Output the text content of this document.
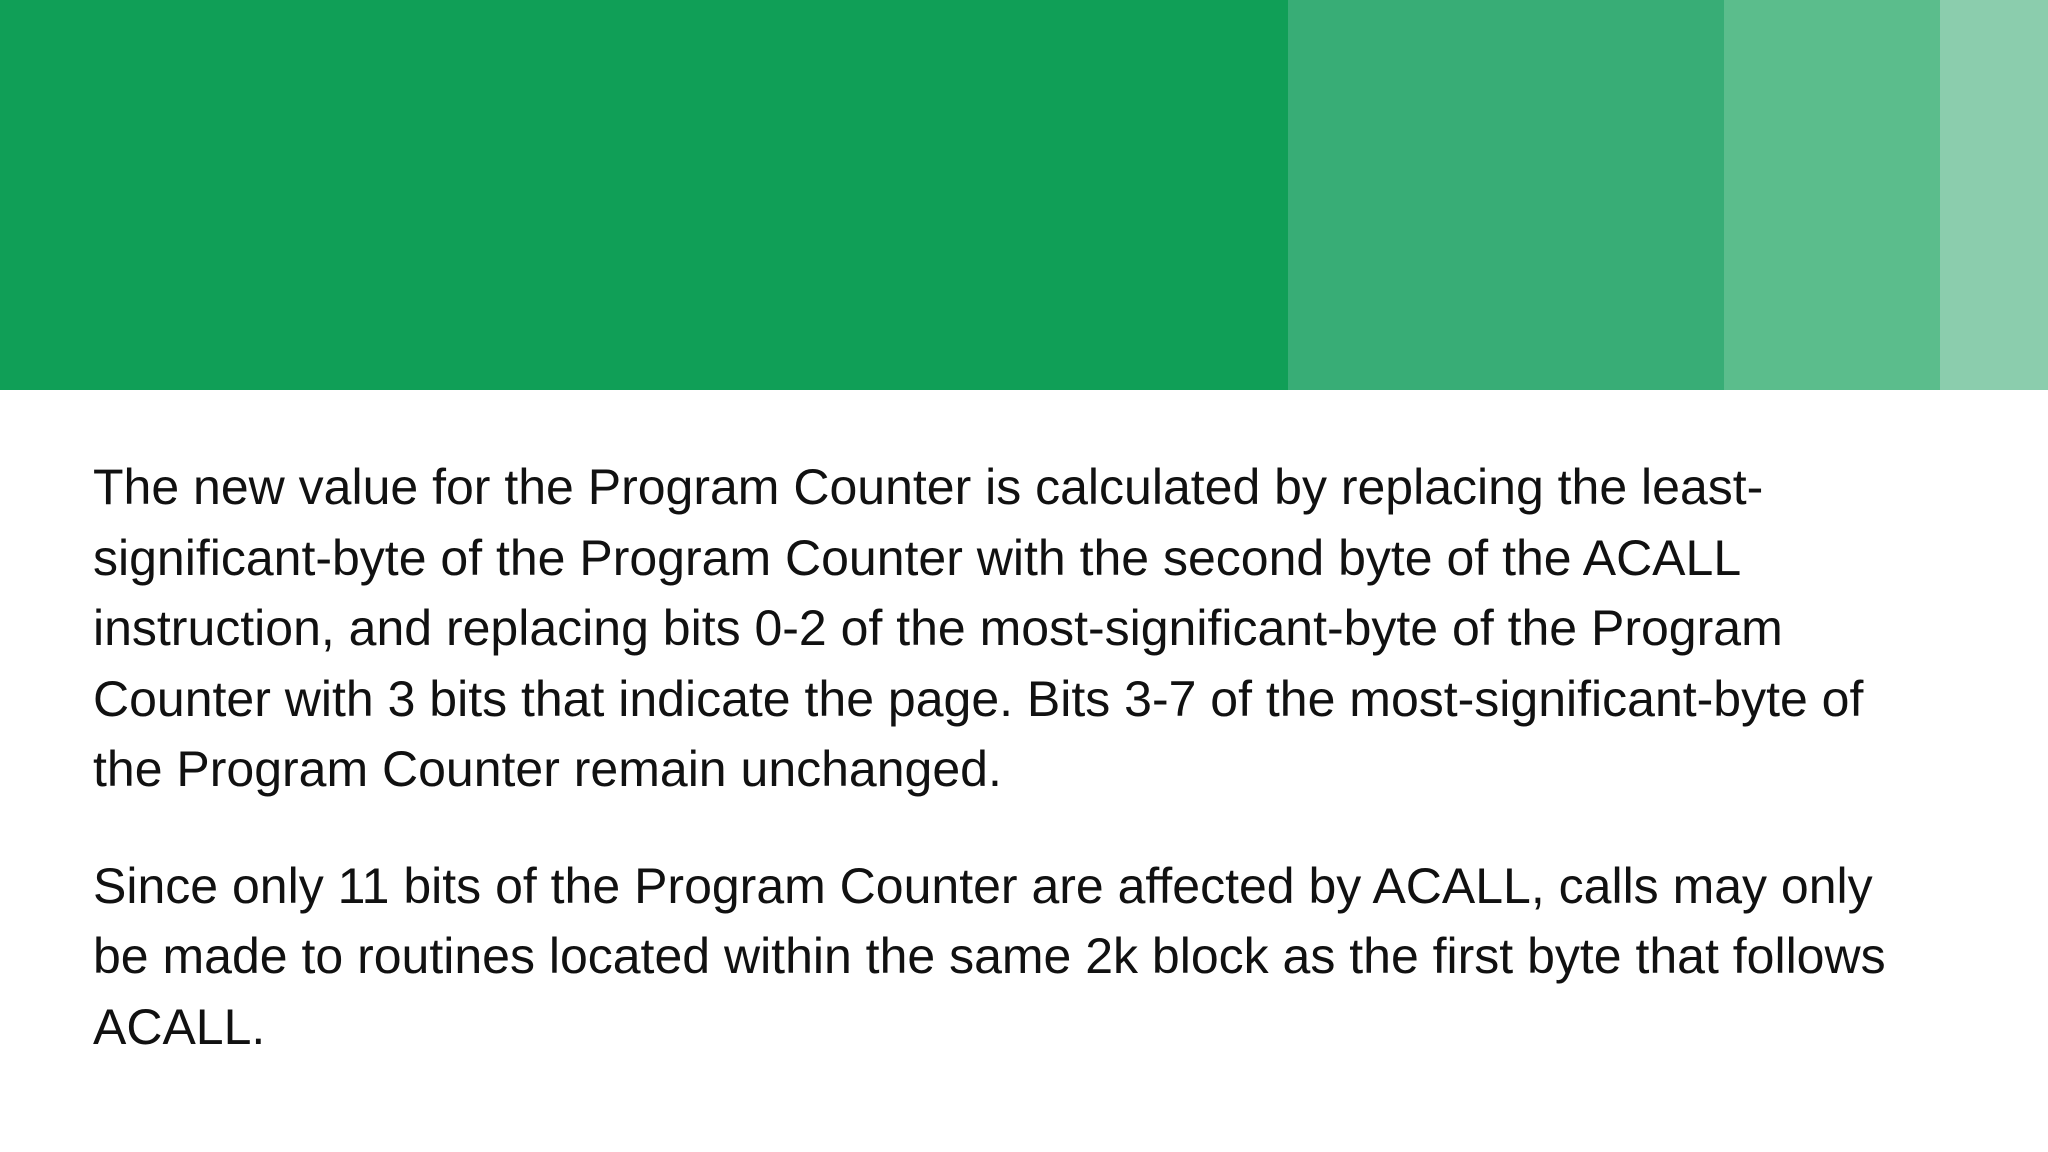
The new value for the Program Counter is calculated by replacing the least-
significant-byte of the Program Counter with the second byte of the ACALL
instruction, and replacing bits 0-2 of the most-significant-byte of the Program
Counter with 3 bits that indicate the page. Bits 3-7 of the most-significant-byte of
the Program Counter remain unchanged.

Since only 11 bits of the Program Counter are affected by ACALL, calls may only
be made to routines located within the same 2k block as the first byte that follows
ACALL.
